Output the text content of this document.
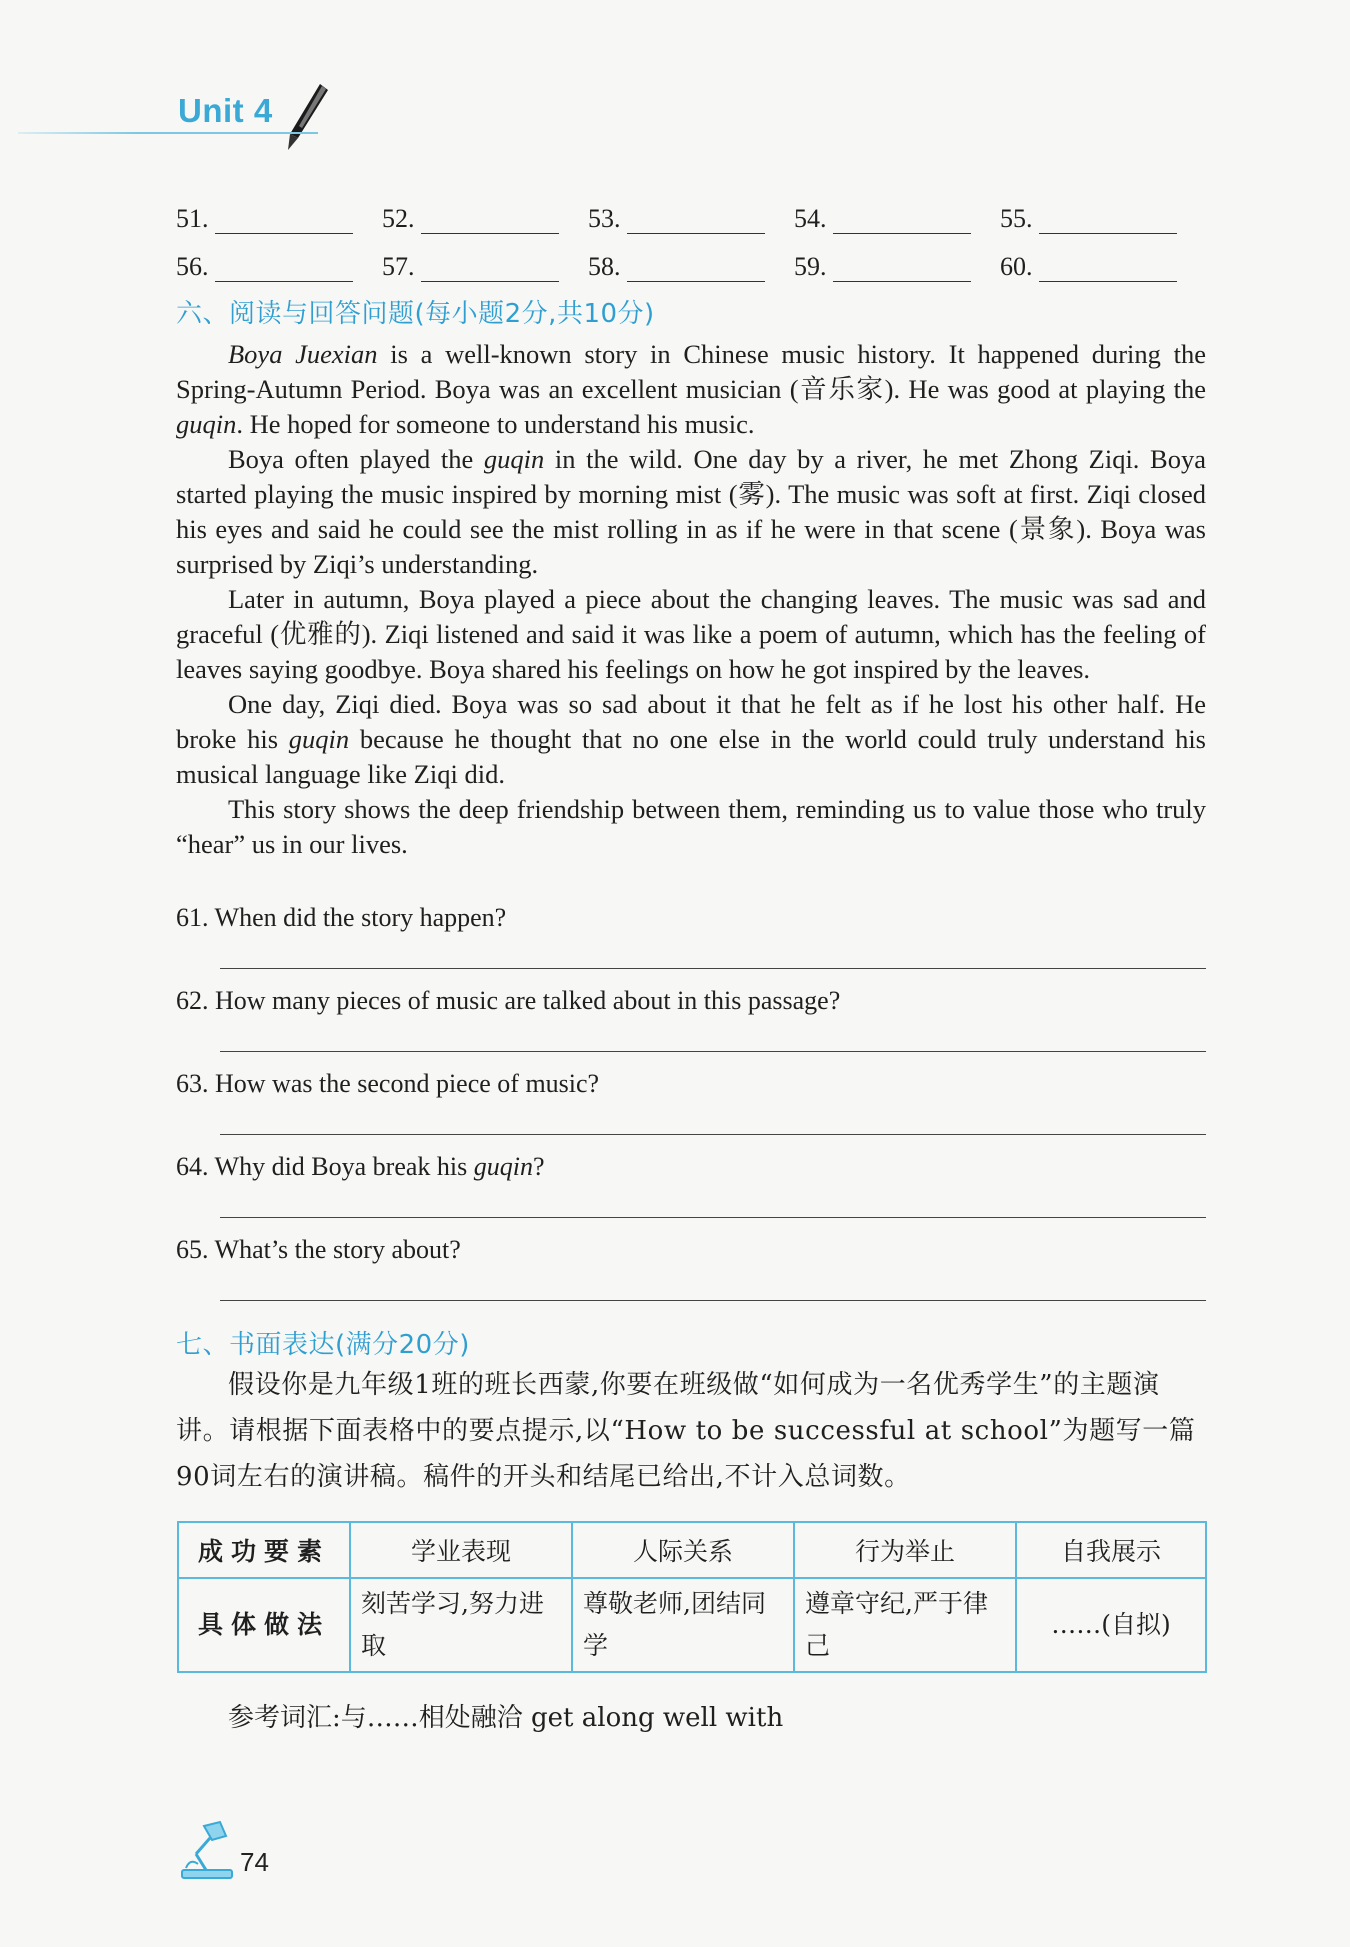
Unit 4
51.	52.	53.	54.	55.
56.	57.	58.	59.	60.
六、阅读与回答问题(每小题2分,共10分)

Boya Juexian is a well-known story in Chinese music history. It happened during the Spring-Autumn Period. Boya was an excellent musician (音乐家). He was good at playing the guqin. He hoped for someone to understand his music.

Boya often played the guqin in the wild. One day by a river, he met Zhong Ziqi. Boya started playing the music inspired by morning mist (雾). The music was soft at first. Ziqi closed his eyes and said he could see the mist rolling in as if he were in that scene (景象). Boya was surprised by Ziqi’s understanding.

Later in autumn, Boya played a piece about the changing leaves. The music was sad and graceful (优雅的). Ziqi listened and said it was like a poem of autumn, which has the feeling of leaves saying goodbye. Boya shared his feelings on how he got inspired by the leaves.

One day, Ziqi died. Boya was so sad about it that he felt as if he lost his other half. He broke his guqin because he thought that no one else in the world could truly understand his musical language like Ziqi did.

This story shows the deep friendship between them, reminding us to value those who truly “hear” us in our lives.

61. When did the story happen?
62. How many pieces of music are talked about in this passage?
63. How was the second piece of music?
64. Why did Boya break his guqin?
65. What’s the story about?
七、书面表达(满分20分)
假设你是九年级1班的班长西蒙,你要在班级做“如何成为一名优秀学生”的主题演讲。请根据下面表格中的要点提示,以“How to be successful at school”为题写一篇90词左右的演讲稿。稿件的开头和结尾已给出,不计入总词数。
成功要素	学业表现	人际关系	行为举止	自我展示
具体做法	刻苦学习,努力进取	尊敬老师,团结同学	遵章守纪,严于律己	……(自拟)
参考词汇:与……相处融洽 get along well with
74
